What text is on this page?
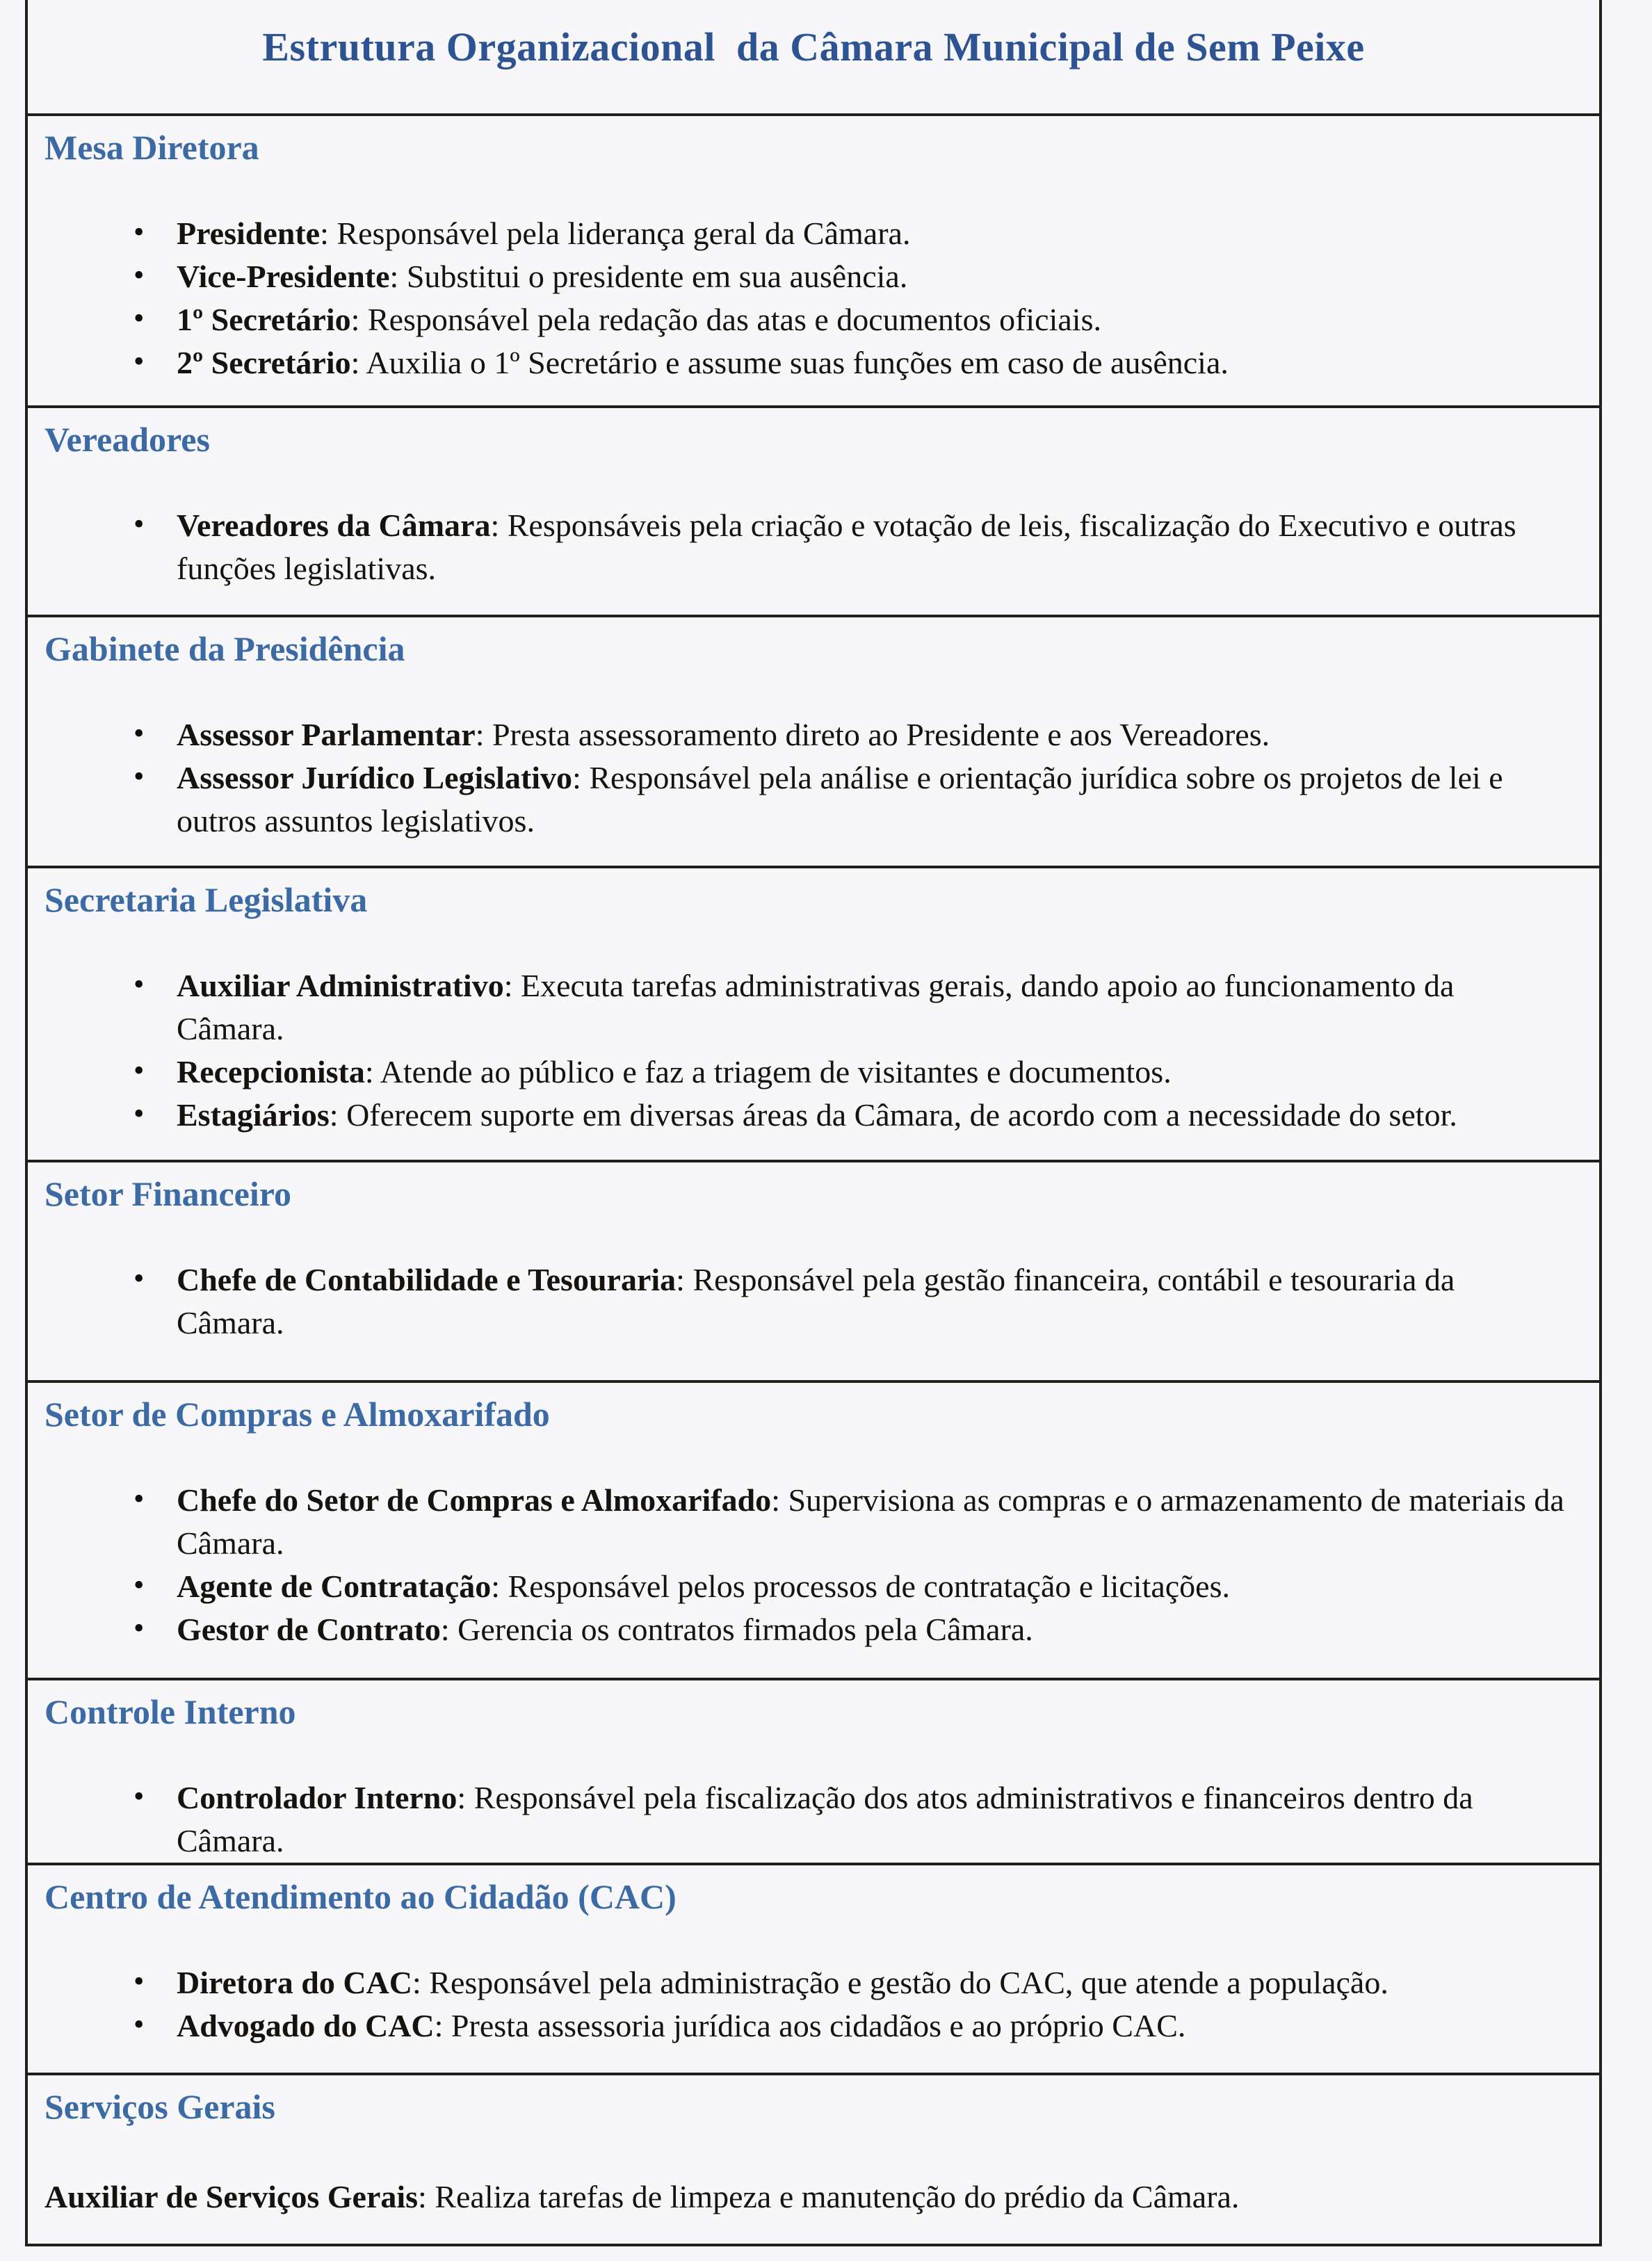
Estrutura Organizacional  da Câmara Municipal de Sem Peixe
Mesa Diretora
• Presidente : Responsável pela liderança geral da Câmara.
• Vice-Presidente : Substitui o presidente em sua ausência.
• 1º Secretário : Responsável pela redação das atas e documentos oficiais.
• 2º Secretário : Auxilia o 1º Secretário e assume suas funções em caso de ausência.
Vereadores
• Vereadores da Câmara : Responsáveis pela criação e votação de leis, fiscalização do Executivo e outras funções legislativas.
Gabinete da Presidência
• Assessor Parlamentar : Presta assessoramento direto ao Presidente e aos Vereadores.
• Assessor Jurídico Legislativo : Responsável pela análise e orientação jurídica sobre os projetos de lei e outros assuntos legislativos.
Secretaria Legislativa
• Auxiliar Administrativo : Executa tarefas administrativas gerais, dando apoio ao funcionamento da Câmara.
• Recepcionista : Atende ao público e faz a triagem de visitantes e documentos.
• Estagiários : Oferecem suporte em diversas áreas da Câmara, de acordo com a necessidade do setor.
Setor Financeiro
• Chefe de Contabilidade e Tesouraria : Responsável pela gestão financeira, contábil e tesouraria da Câmara.
Setor de Compras e Almoxarifado
• Chefe do Setor de Compras e Almoxarifado : Supervisiona as compras e o armazenamento de materiais da Câmara.
• Agente de Contratação : Responsável pelos processos de contratação e licitações.
• Gestor de Contrato : Gerencia os contratos firmados pela Câmara.
Controle Interno
• Controlador Interno : Responsável pela fiscalização dos atos administrativos e financeiros dentro da Câmara.
Centro de Atendimento ao Cidadão (CAC)
• Diretora do CAC : Responsável pela administração e gestão do CAC, que atende a população.
• Advogado do CAC : Presta assessoria jurídica aos cidadãos e ao próprio CAC.
Serviços Gerais

Auxiliar de Serviços Gerais : Realiza tarefas de limpeza e manutenção do prédio da Câmara.
